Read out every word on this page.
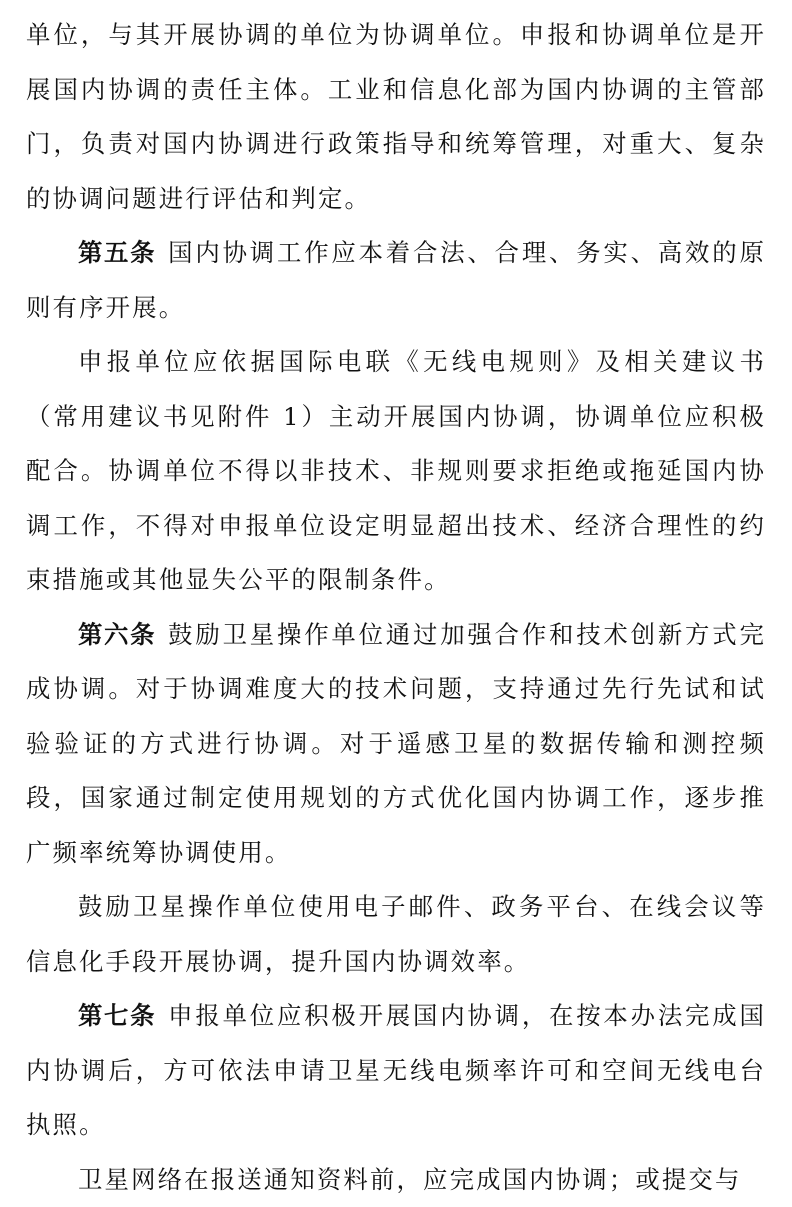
单位，与其开展协调的单位为协调单位。申报和协调单位是开展国内协调的责任主体。工业和信息化部为国内协调的主管部门，负责对国内协调进行政策指导和统筹管理，对重大、复杂的协调问题进行评估和判定。

第五条 国内协调工作应本着合法、合理、务实、高效的原则有序开展。

申报单位应依据国际电联《无线电规则》及相关建议书（常用建议书见附件 1）主动开展国内协调，协调单位应积极配合。协调单位不得以非技术、非规则要求拒绝或拖延国内协调工作，不得对申报单位设定明显超出技术、经济合理性的约束措施或其他显失公平的限制条件。

第六条 鼓励卫星操作单位通过加强合作和技术创新方式完成协调。对于协调难度大的技术问题，支持通过先行先试和试验验证的方式进行协调。对于遥感卫星的数据传输和测控频段，国家通过制定使用规划的方式优化国内协调工作，逐步推广频率统筹协调使用。

鼓励卫星操作单位使用电子邮件、政务平台、在线会议等信息化手段开展协调，提升国内协调效率。

第七条 申报单位应积极开展国内协调，在按本办法完成国内协调后，方可依法申请卫星无线电频率许可和空间无线电台执照。

卫星网络在报送通知资料前，应完成国内协调；或提交与
